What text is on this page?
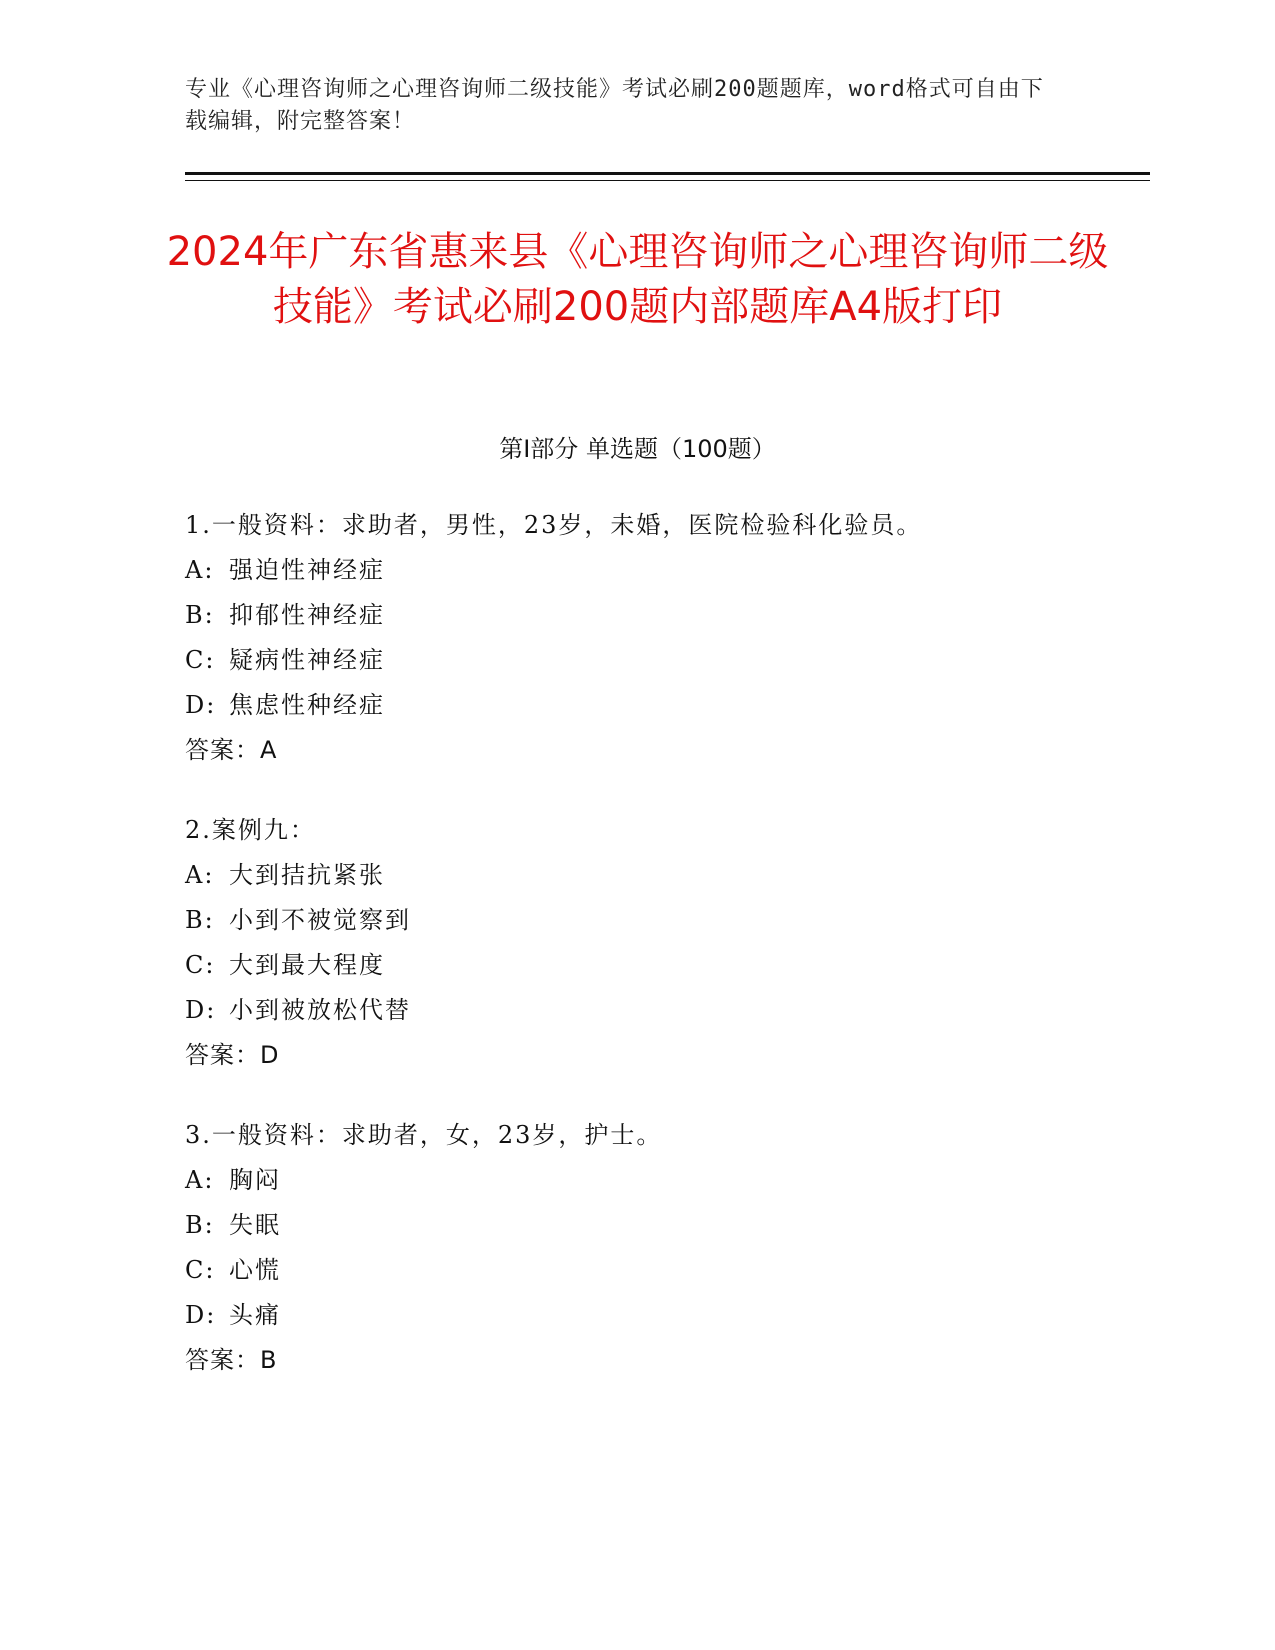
专业《心理咨询师之心理咨询师二级技能》考试必刷200题题库，word格式可自由下载编辑，附完整答案！
2024年广东省惠来县《心理咨询师之心理咨询师二级技能》考试必刷200题内部题库A4版打印
第Ⅰ部分 单选题（100题）
1.一般资料：求助者，男性，23岁，未婚，医院检验科化验员。
A: 强迫性神经症
B: 抑郁性神经症
C: 疑病性神经症
D: 焦虑性种经症
答案：A
2.案例九：
A: 大到拮抗紧张
B: 小到不被觉察到
C: 大到最大程度
D: 小到被放松代替
答案：D
3.一般资料：求助者，女，23岁，护士。
A: 胸闷
B: 失眠
C: 心慌
D: 头痛
答案：B
